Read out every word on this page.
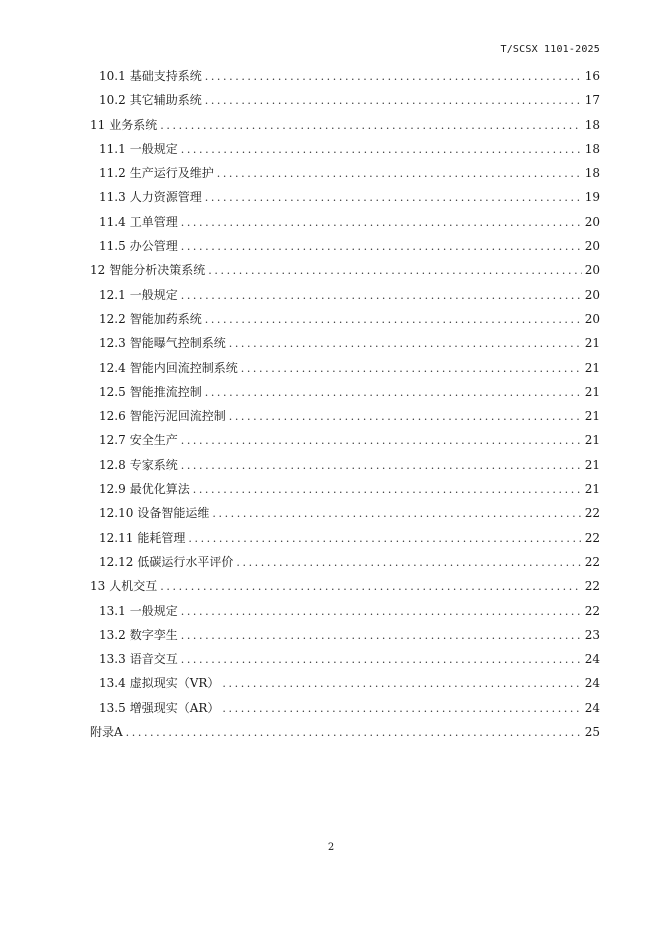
T/SCSX 1101-2025
10.1 基础支持系统 .....	16
10.2 其它辅助系统 .....	17
11 业务系统 .....	18
11.1 一般规定 .....	18
11.2 生产运行及维护 .....	18
11.3 人力资源管理 .....	19
11.4 工单管理 .....	20
11.5 办公管理 .....	20
12 智能分析决策系统 .....	20
12.1 一般规定 .....	20
12.2 智能加药系统 .....	20
12.3 智能曝气控制系统 .....	21
12.4 智能内回流控制系统 .....	21
12.5 智能推流控制 .....	21
12.6 智能污泥回流控制 .....	21
12.7 安全生产 .....	21
12.8 专家系统 .....	21
12.9 最优化算法 .....	21
12.10 设备智能运维 .....	22
12.11 能耗管理 .....	22
12.12 低碳运行水平评价 .....	22
13 人机交互 .....	22
13.1 一般规定 .....	22
13.2 数字孪生 .....	23
13.3 语音交互 .....	24
13.4 虚拟现实（VR） .....	24
13.5 增强现实（AR） .....	24
附录A .....	25
2
